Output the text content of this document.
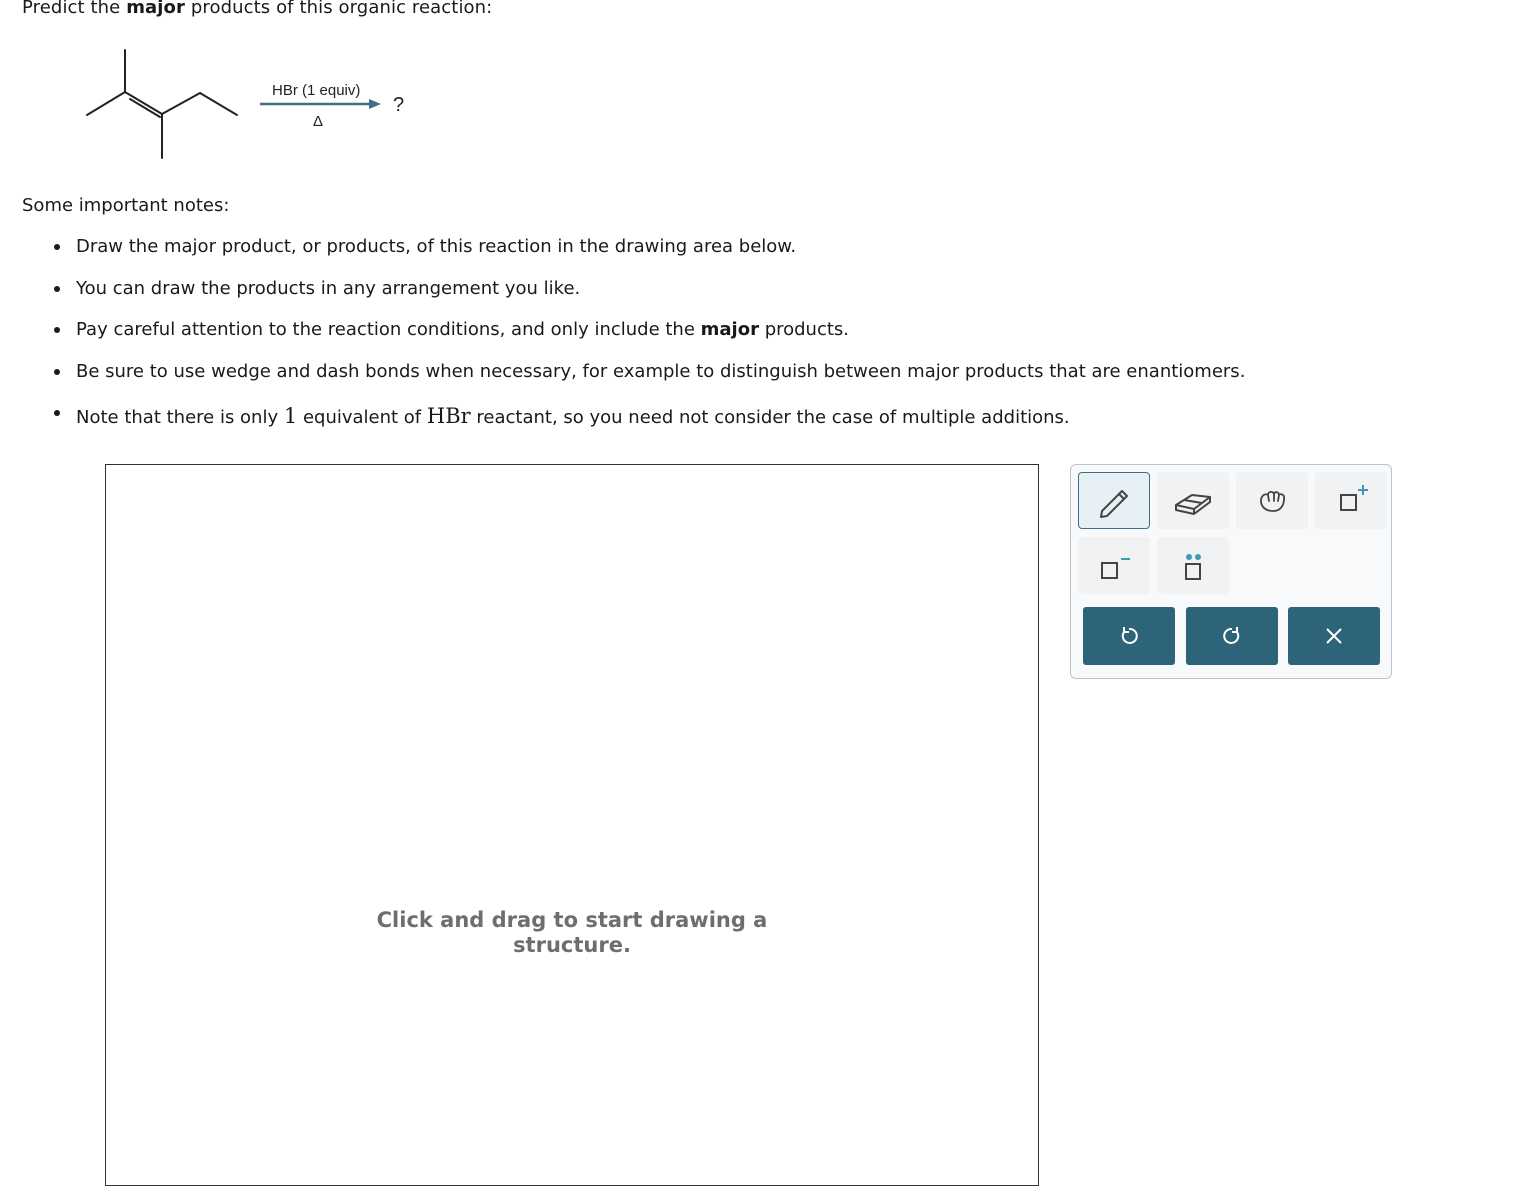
Predict the major products of this organic reaction:
HBr (1 equiv)
Δ
?
Some important notes:
Draw the major product, or products, of this reaction in the drawing area below.
You can draw the products in any arrangement you like.
Pay careful attention to the reaction conditions, and only include the major products.
Be sure to use wedge and dash bonds when necessary, for example to distinguish between major products that are enantiomers.
Note that there is only 1 equivalent of HBr reactant, so you need not consider the case of multiple additions.
Click and drag to start drawing a
structure.
